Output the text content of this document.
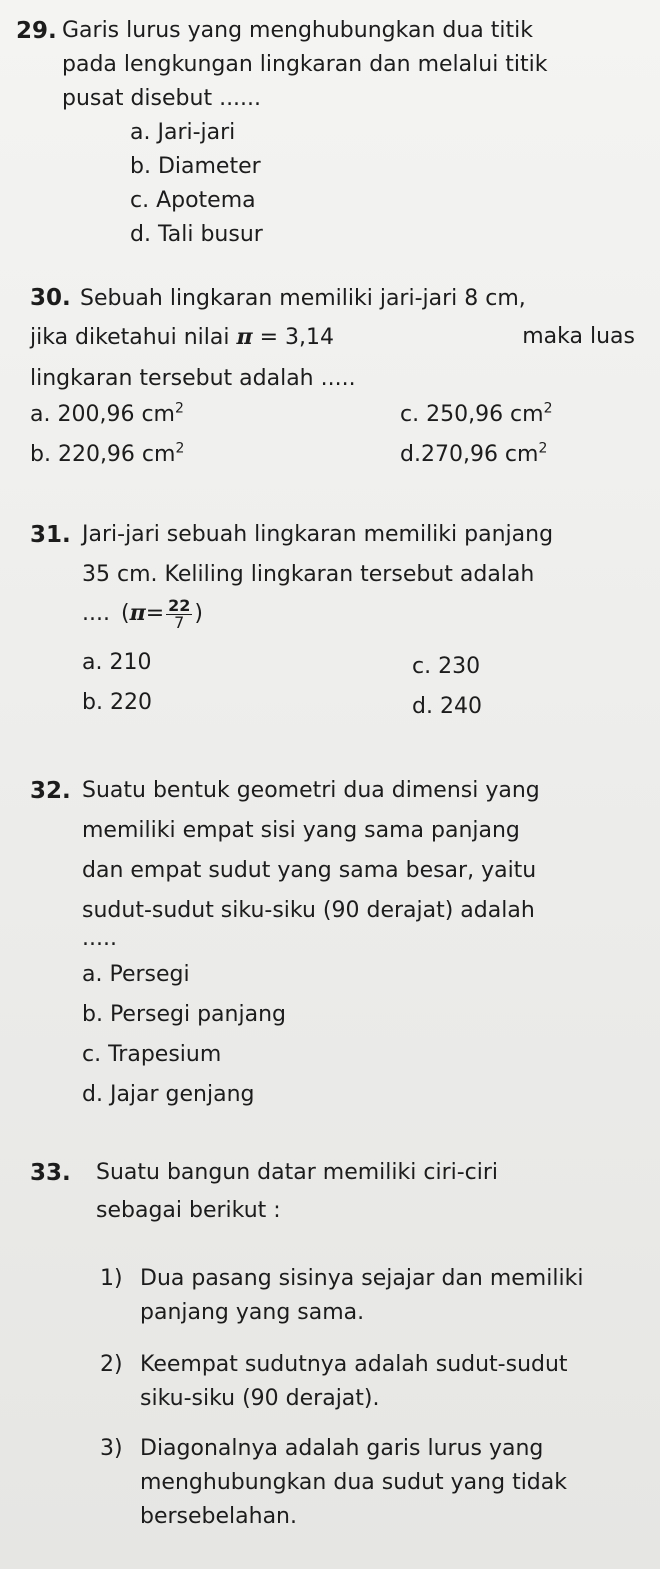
29. Garis lurus yang menghubungkan dua titik
pada lengkungan lingkaran dan melalui titik
pusat disebut ......
a. Jari-jari
b. Diameter
c. Apotema
d. Tali busur
30. Sebuah lingkaran memiliki jari-jari 8 cm,
jika diketahui nilai π = 3,14	maka luas
lingkaran tersebut adalah .....
a. 200,96 $cm^2$	c. 250,96 $cm^2$
b. 220,96 $cm^2$	d.270,96 $cm^2$
31. Jari-jari sebuah lingkaran memiliki panjang
35 cm. Keliling lingkaran tersebut adalah
.... ($\pi= \frac{22}{7}$ )
a. 210	c. 230
b. 220	d. 240
32. Suatu bentuk geometri dua dimensi yang
memiliki empat sisi yang sama panjang
dan empat sudut yang sama besar, yaitu
sudut-sudut siku-siku (90 derajat) adalah
.....
a. Persegi
b. Persegi panjang
c. Trapesium
d. Jajar genjang
33. Suatu bangun datar memiliki ciri-ciri
sebagai berikut :
1) Dua pasang sisinya sejajar dan memiliki
panjang yang sama.
2) Keempat sudutnya adalah sudut-sudut
siku-siku (90 derajat).
3) Diagonalnya adalah garis lurus yang
menghubungkan dua sudut yang tidak
bersebelahan.
